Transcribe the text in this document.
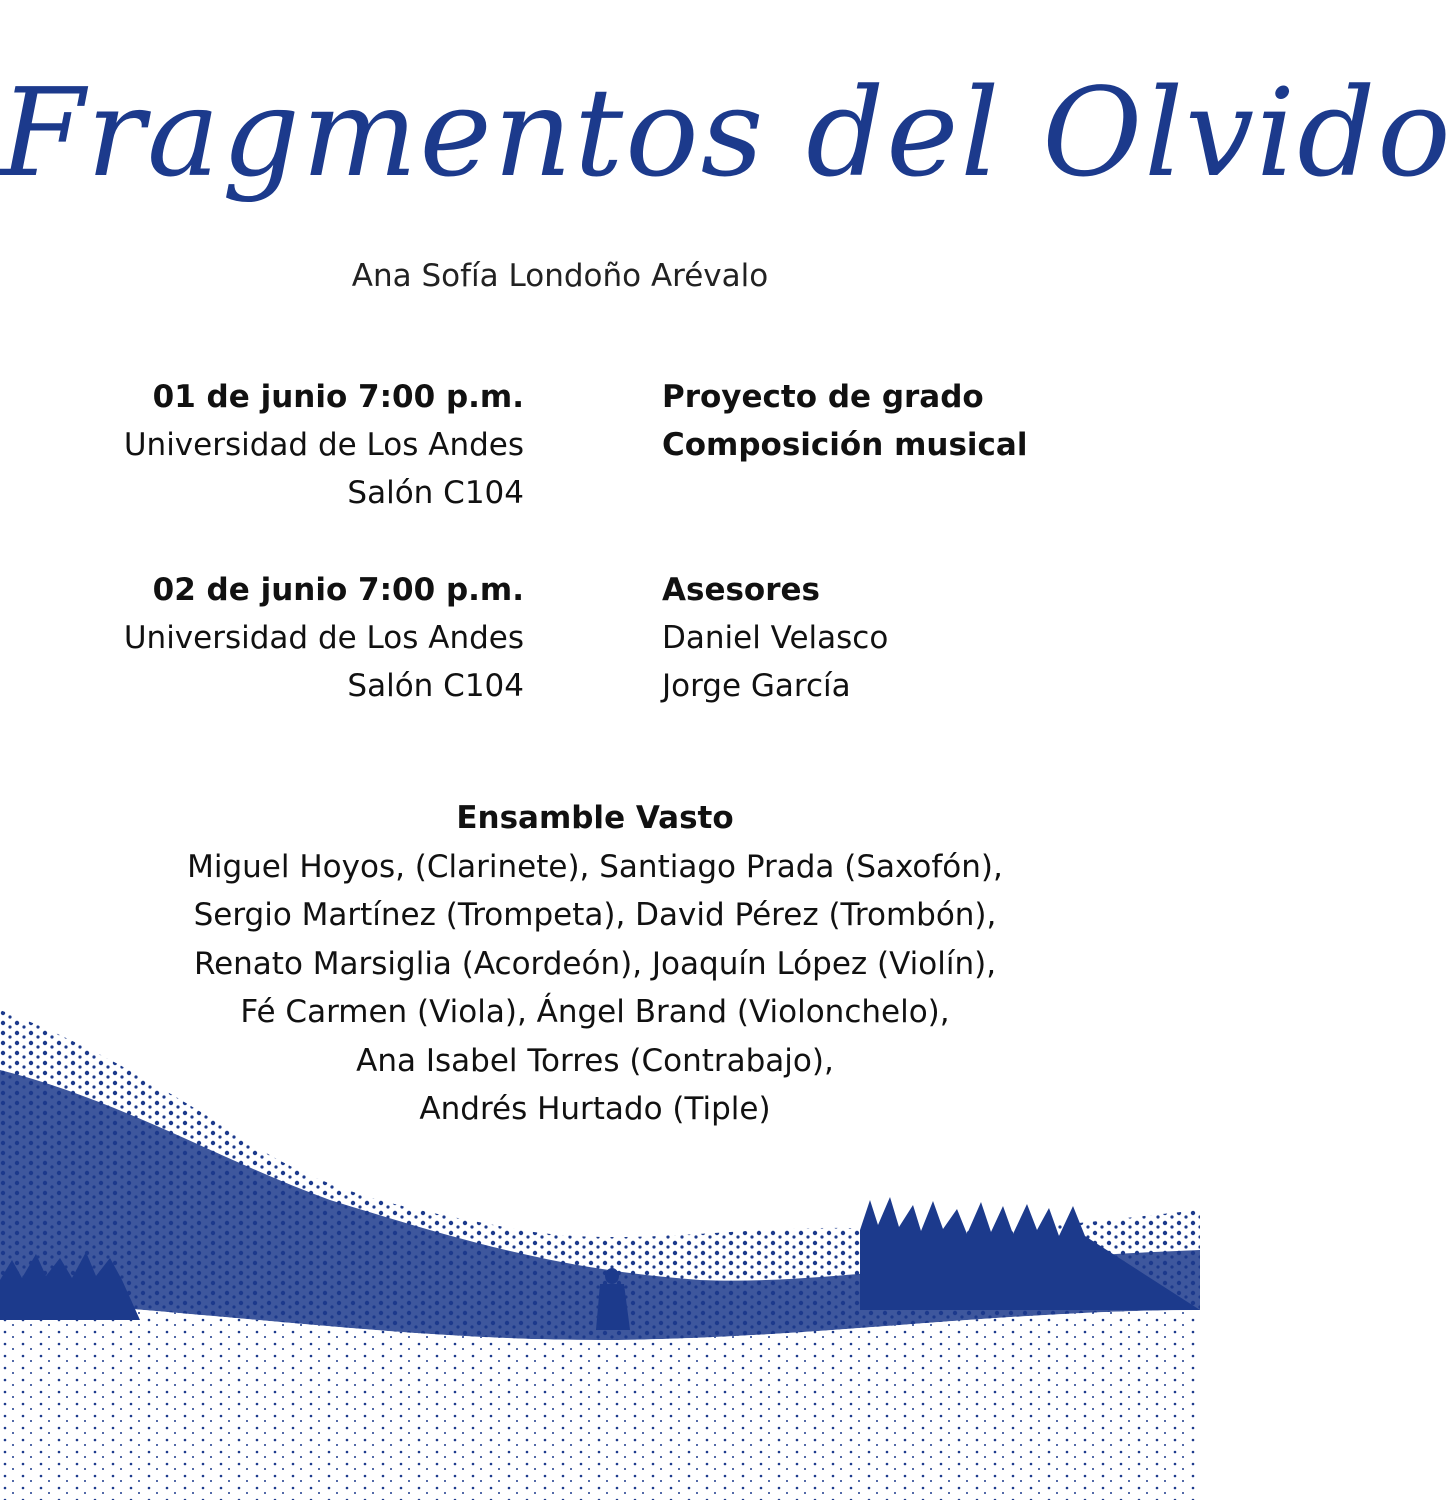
Fragmentos del Olvido
Ana Sofía Londoño Arévalo
01 de junio 7:00 p.m.
Universidad de Los Andes
Salón C104
Proyecto de grado
Composición musical
02 de junio 7:00 p.m.
Universidad de Los Andes
Salón C104
Asesores
Daniel Velasco
Jorge García
Ensamble Vasto
Miguel Hoyos, (Clarinete), Santiago Prada (Saxofón),
Sergio Martínez (Trompeta), David Pérez (Trombón),
Renato Marsiglia (Acordeón), Joaquín López (Violín),
Fé Carmen (Viola), Ángel Brand (Violonchelo),
Ana Isabel Torres (Contrabajo),
Andrés Hurtado (Tiple)
